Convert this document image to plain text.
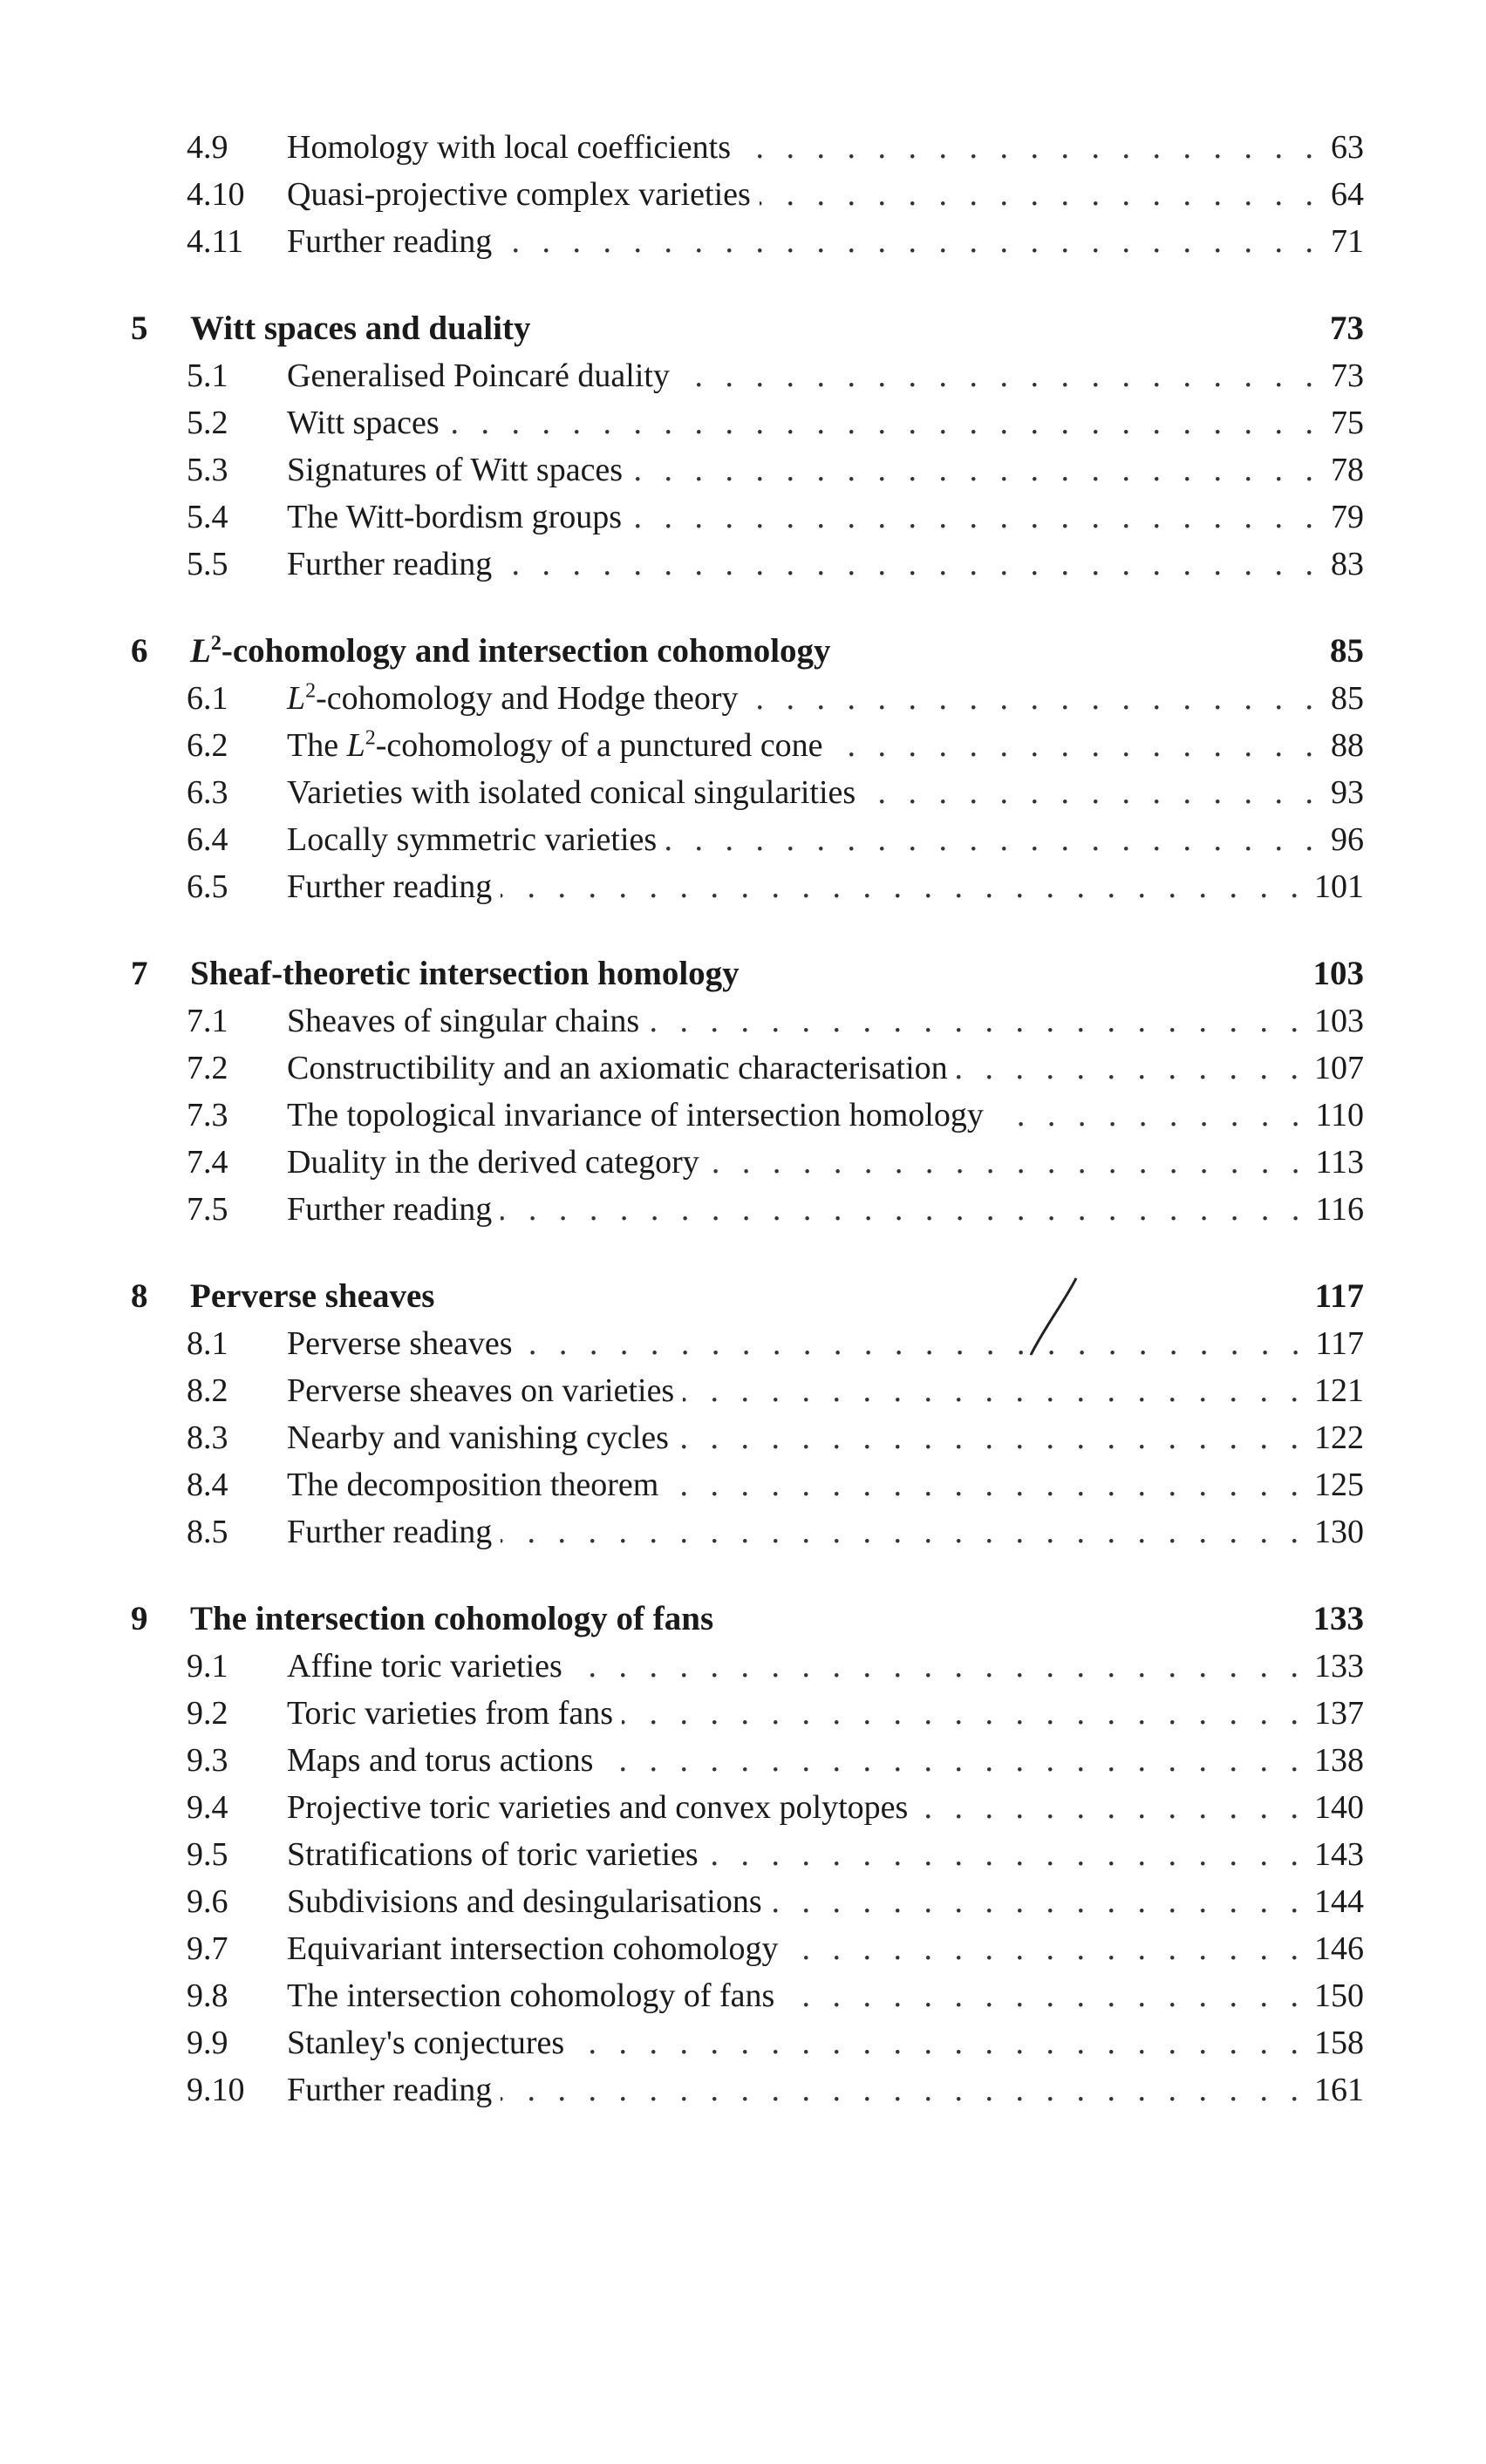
4.9	Homology with local coefficients . . .	63
4.10	Quasi-projective complex varieties . . .	64
4.11	Further reading . . .	71
5	Witt spaces and duality	73
5.1	Generalised Poincaré duality . . .	73
5.2	Witt spaces . . .	75
5.3	Signatures of Witt spaces . . .	78
5.4	The Witt-bordism groups . . .	79
5.5	Further reading . . .	83
6	$L^2$-cohomology and intersection cohomology	85
6.1	$L^2$-cohomology and Hodge theory . . .	85
6.2	The $L^2$-cohomology of a punctured cone . . .	88
6.3	Varieties with isolated conical singularities . . .	93
6.4	Locally symmetric varieties . . .	96
6.5	Further reading . . .	101
7	Sheaf-theoretic intersection homology	103
7.1	Sheaves of singular chains . . .	103
7.2	Constructibility and an axiomatic characterisation . . .	107
7.3	The topological invariance of intersection homology . . .	110
7.4	Duality in the derived category . . .	113
7.5	Further reading . . .	116
8	Perverse sheaves	117
8.1	Perverse sheaves . . .	117
8.2	Perverse sheaves on varieties . . .	121
8.3	Nearby and vanishing cycles . . .	122
8.4	The decomposition theorem . . .	125
8.5	Further reading . . .	130
9	The intersection cohomology of fans	133
9.1	Affine toric varieties . . .	133
9.2	Toric varieties from fans . . .	137
9.3	Maps and torus actions . . .	138
9.4	Projective toric varieties and convex polytopes . . .	140
9.5	Stratifications of toric varieties . . .	143
9.6	Subdivisions and desingularisations . . .	144
9.7	Equivariant intersection cohomology . . .	146
9.8	The intersection cohomology of fans . . .	150
9.9	Stanley's conjectures . . .	158
9.10	Further reading . . .	161
